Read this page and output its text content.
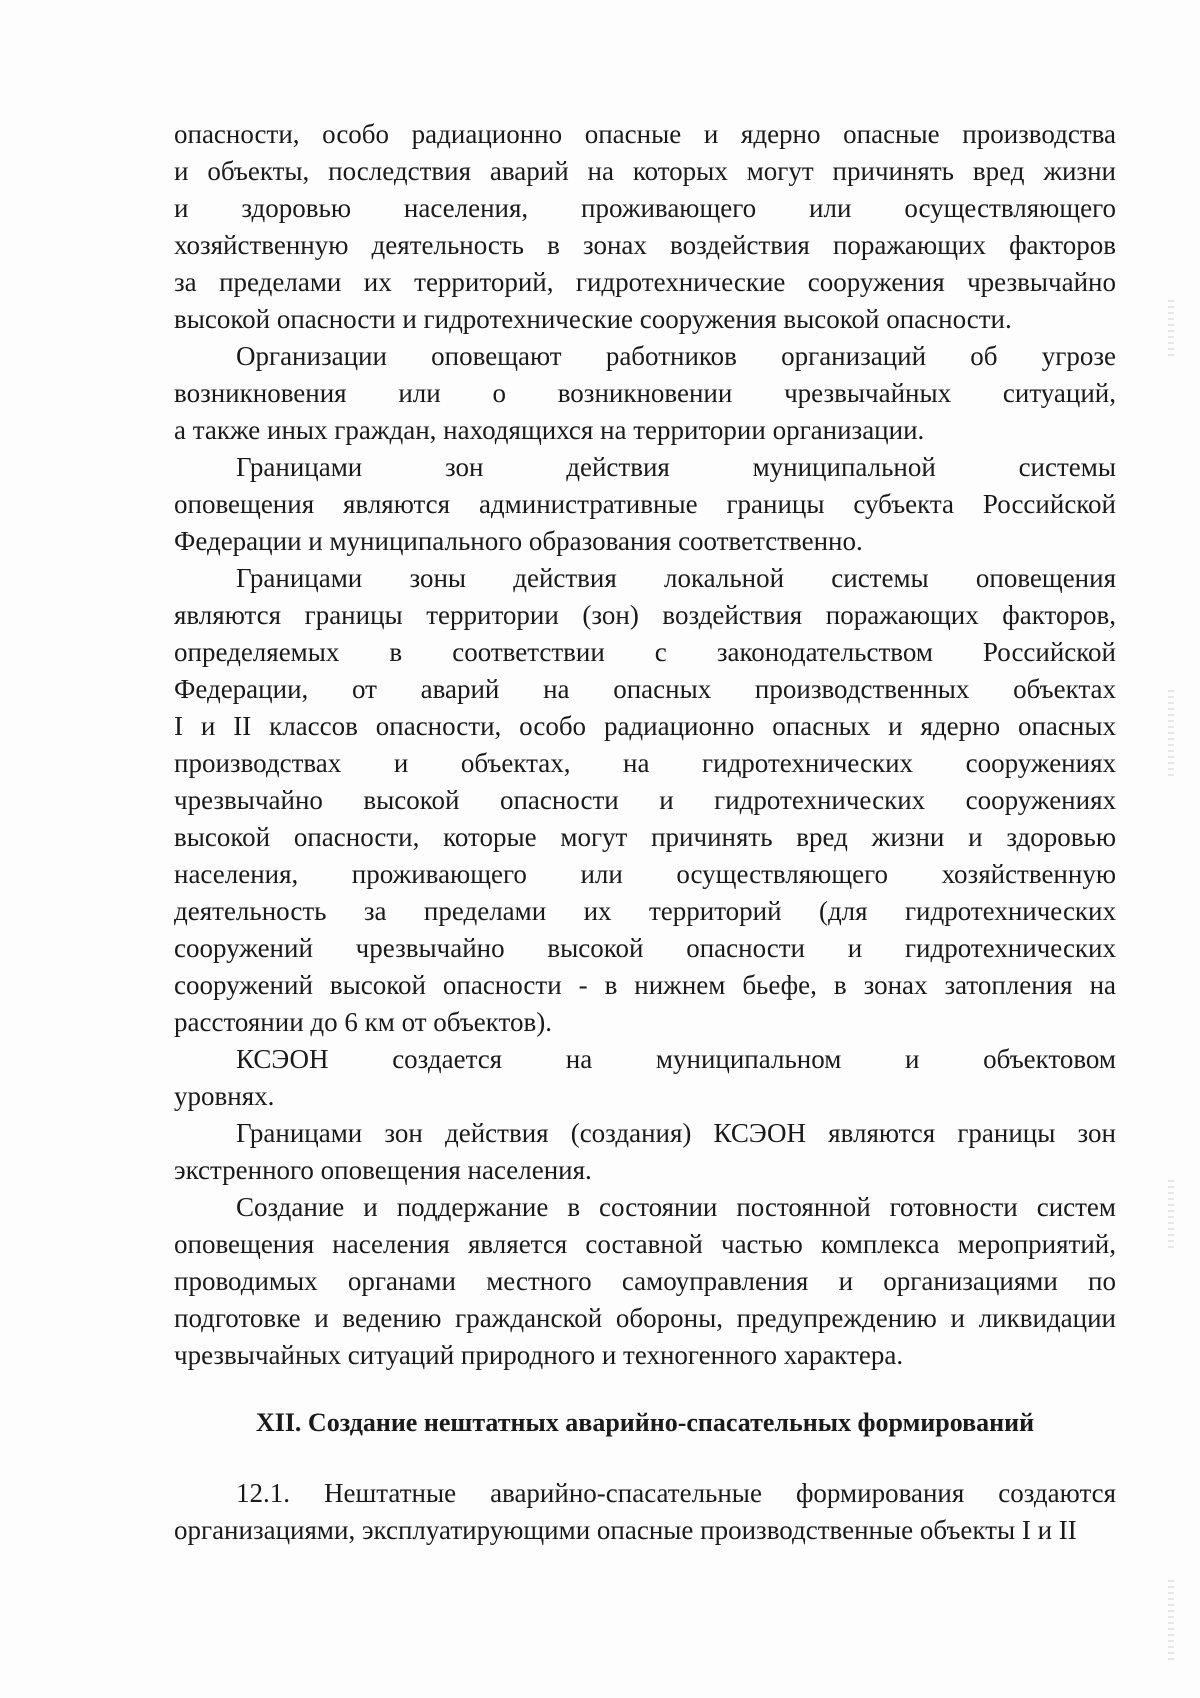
опасности, особо радиационно опасные и ядерно опасные производства
и объекты, последствия аварий на которых могут причинять вред жизни
и здоровью населения, проживающего или осуществляющего
хозяйственную деятельность в зонах воздействия поражающих факторов
за пределами их территорий, гидротехнические сооружения чрезвычайно
высокой опасности и гидротехнические сооружения высокой опасности.

Организации оповещают работников организаций об угрозе
возникновения или о возникновении чрезвычайных ситуаций,
а также иных граждан, находящихся на территории организации.

Границами зон действия муниципальной системы
оповещения являются административные границы субъекта Российской
Федерации и муниципального образования соответственно.

Границами зоны действия локальной системы оповещения
являются границы территории (зон) воздействия поражающих факторов,
определяемых в соответствии с законодательством Российской
Федерации, от аварий на опасных производственных объектах
I и II классов опасности, особо радиационно опасных и ядерно опасных
производствах и объектах, на гидротехнических сооружениях
чрезвычайно высокой опасности и гидротехнических сооружениях
высокой опасности, которые могут причинять вред жизни и здоровью
населения, проживающего или осуществляющего хозяйственную
деятельность за пределами их территорий (для гидротехнических
сооружений чрезвычайно высокой опасности и гидротехнических
сооружений высокой опасности - в нижнем бьефе, в зонах затопления на
расстоянии до 6 км от объектов).

КСЭОН создается на муниципальном и объектовом
уровнях.

Границами зон действия (создания) КСЭОН являются границы зон
экстренного оповещения населения.

Создание и поддержание в состоянии постоянной готовности систем
оповещения населения является составной частью комплекса мероприятий,
проводимых органами местного самоуправления и организациями по
подготовке и ведению гражданской обороны, предупреждению и ликвидации
чрезвычайных ситуаций природного и техногенного характера.

XII. Создание нештатных аварийно-спасательных формирований

12.1. Нештатные аварийно-спасательные формирования создаются
организациями, эксплуатирующими опасные производственные объекты I и II
